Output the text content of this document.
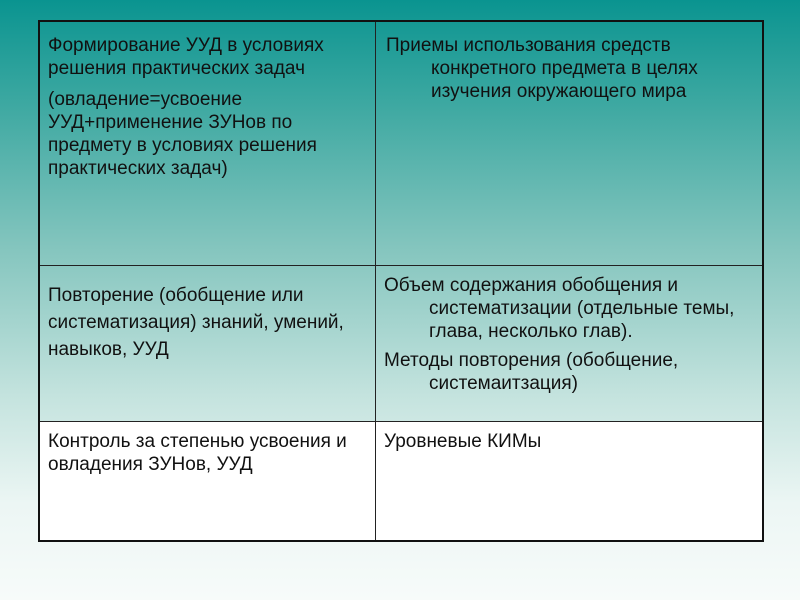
Формирование УУД в условиях решения практических задач

(овладение=усвоение УУД+применение ЗУНов по предмету в условиях решения практических задач)

Приемы использования средств конкретного предмета в целях изучения окружающего мира

Повторение (обобщение или систематизация) знаний, умений, навыков, УУД

Объем содержания обобщения и систематизации (отдельные темы, глава, несколько глав).

Методы повторения (обобщение, системаитзация)

Контроль за степенью усвоения и овладения ЗУНов, УУД

Уровневые КИМы
